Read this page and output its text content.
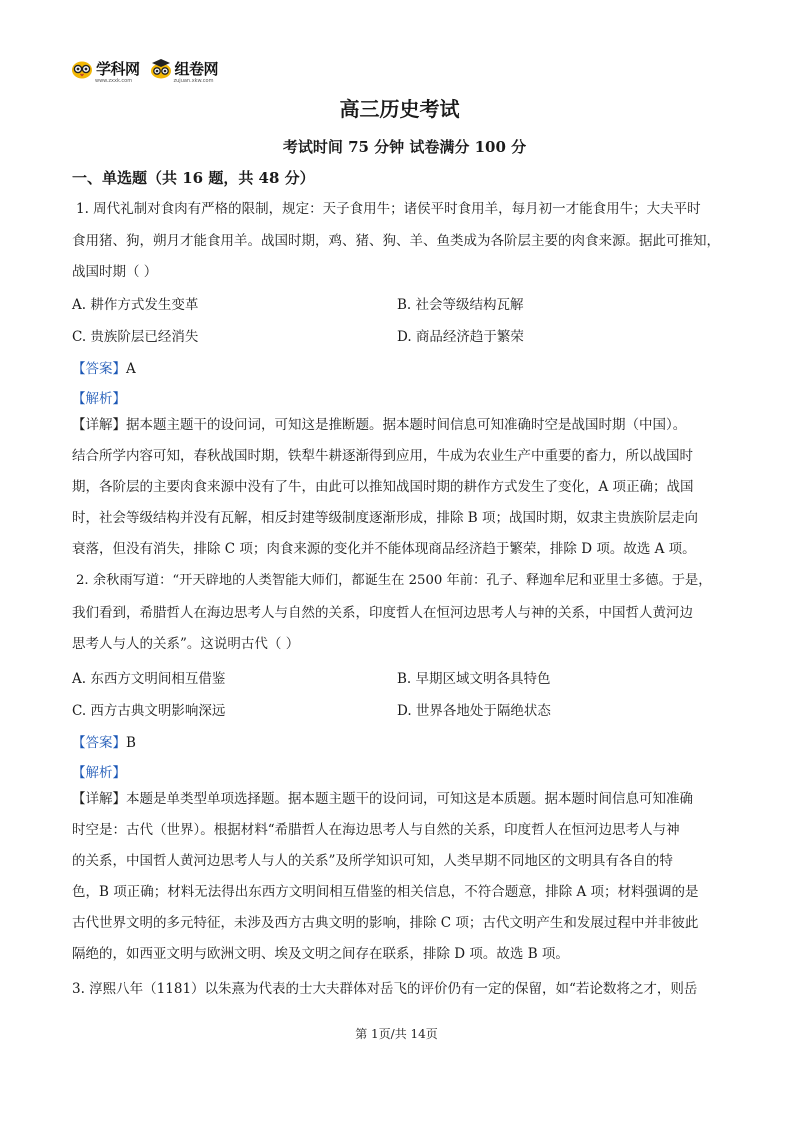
学科网
www.zxxk.com
组卷网
zujuan.xkw.com
高三历史考试
考试时间 75 分钟 试卷满分 100 分
一、单选题（共 16 题，共 48 分）
1. 周代礼制对食肉有严格的限制，规定：天子食用牛；诸侯平时食用羊，每月初一才能食用牛；大夫平时
食用猪、狗，朔月才能食用羊。战国时期，鸡、猪、狗、羊、鱼类成为各阶层主要的肉食来源。据此可推知，
战国时期（ ）
A. 耕作方式发生变革	B. 社会等级结构瓦解
C. 贵族阶层已经消失	D. 商品经济趋于繁荣
【答案】A
【解析】
【详解】据本题主题干的设问词，可知这是推断题。据本题时间信息可知准确时空是战国时期（中国）。
结合所学内容可知，春秋战国时期，铁犁牛耕逐渐得到应用，牛成为农业生产中重要的畜力，所以战国时
期，各阶层的主要肉食来源中没有了牛，由此可以推知战国时期的耕作方式发生了变化，A 项正确；战国
时，社会等级结构并没有瓦解，相反封建等级制度逐渐形成，排除 B 项；战国时期，奴隶主贵族阶层走向
衰落，但没有消失，排除 C 项；肉食来源的变化并不能体现商品经济趋于繁荣，排除 D 项。故选 A 项。
2. 余秋雨写道：“开天辟地的人类智能大师们，都诞生在 2500 年前：孔子、释迦牟尼和亚里士多德。于是，
我们看到，希腊哲人在海边思考人与自然的关系，印度哲人在恒河边思考人与神的关系，中国哲人黄河边
思考人与人的关系”。这说明古代（ ）
A. 东西方文明间相互借鉴	B. 早期区域文明各具特色
C. 西方古典文明影响深远	D. 世界各地处于隔绝状态
【答案】B
【解析】
【详解】本题是单类型单项选择题。据本题主题干的设问词，可知这是本质题。据本题时间信息可知准确
时空是：古代（世界）。根据材料“希腊哲人在海边思考人与自然的关系，印度哲人在恒河边思考人与神
的关系，中国哲人黄河边思考人与人的关系”及所学知识可知，人类早期不同地区的文明具有各自的特
色，B 项正确；材料无法得出东西方文明间相互借鉴的相关信息，不符合题意，排除 A 项；材料强调的是
古代世界文明的多元特征，未涉及西方古典文明的影响，排除 C 项；古代文明产生和发展过程中并非彼此
隔绝的，如西亚文明与欧洲文明、埃及文明之间存在联系，排除 D 项。故选 B 项。
3. 淳熙八年（1181）以朱熹为代表的士大夫群体对岳飞的评价仍有一定的保留，如“若论数将之才，则岳
第 1页/共 14页
